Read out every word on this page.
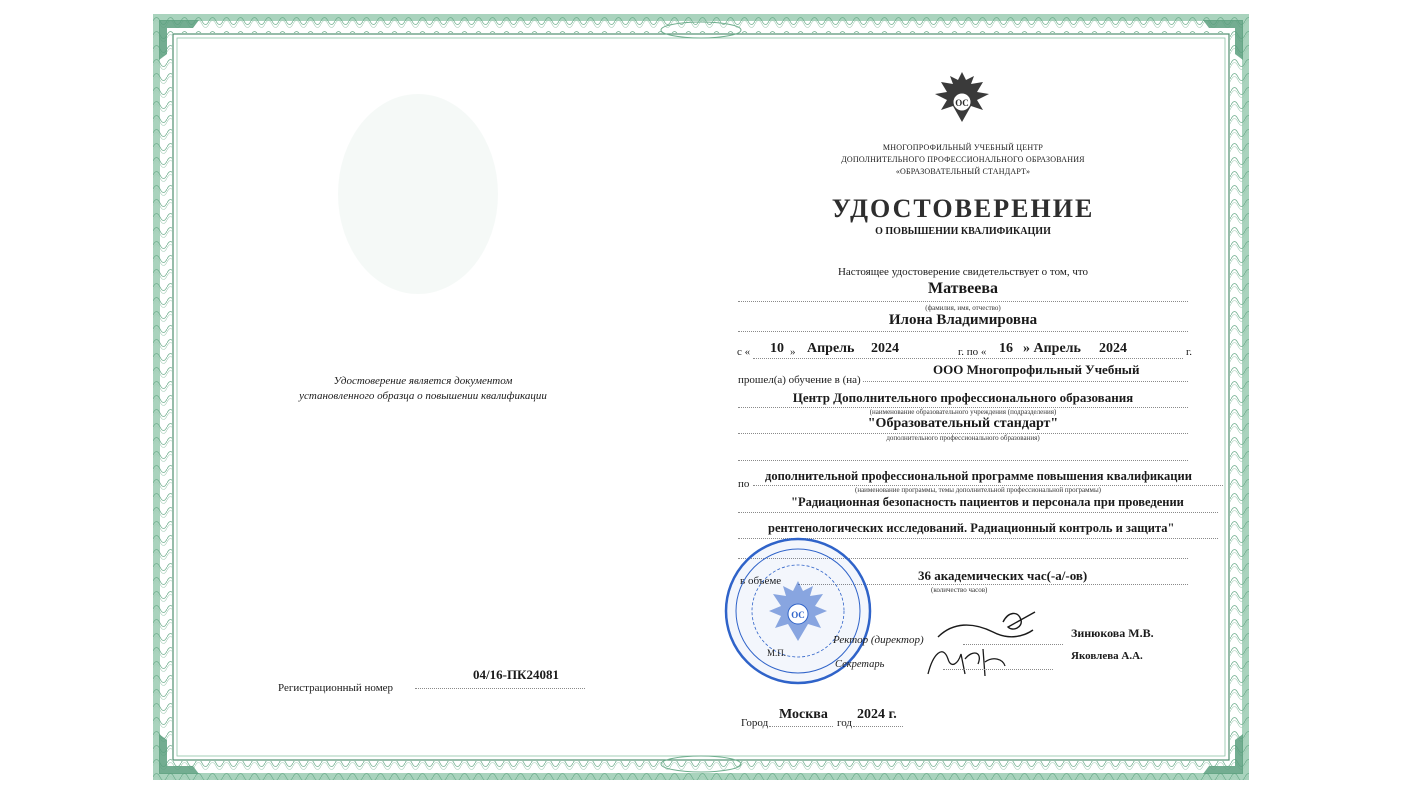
Удостоверение является документом
установленного образца о повышении квалификации
Регистрационный номер
04/16-ПК24081
ОС
МНОГОПРОФИЛЬНЫЙ УЧЕБНЫЙ ЦЕНТР
ДОПОЛНИТЕЛЬНОГО ПРОФЕССИОНАЛЬНОГО ОБРАЗОВАНИЯ
«ОБРАЗОВАТЕЛЬНЫЙ СТАНДАРТ»
УДОСТОВЕРЕНИЕ
О ПОВЫШЕНИИ КВАЛИФИКАЦИИ
Настоящее удостоверение свидетельствует о том, что
Матвеева
(фамилия, имя, отчество)
Илона Владимировна
с « 10 » Апрель 2024	г. по « 16 » Апрель 2024	г.
прошел(а) обучение в (на)
ООО Многопрофильный Учебный
Центр Дополнительного профессионального образования
(наименование образовательного учреждения (подразделения)
"Образовательный стандарт"
дополнительного профессионального образования)
по
дополнительной профессиональной программе повышения квалификации
(наименование программы, темы дополнительной профессиональной программы)
"Радиационная безопасность пациентов и персонала при проведении
рентгенологических исследований. Радиационный контроль и защита"
36 академических час(-а/-ов)
(количество часов)
ОС
М.П.
Ректор (директор)	Зинюкова М.В.
Секретарь
Яковлева А.А.
Город
Москва
год
2024 г.
